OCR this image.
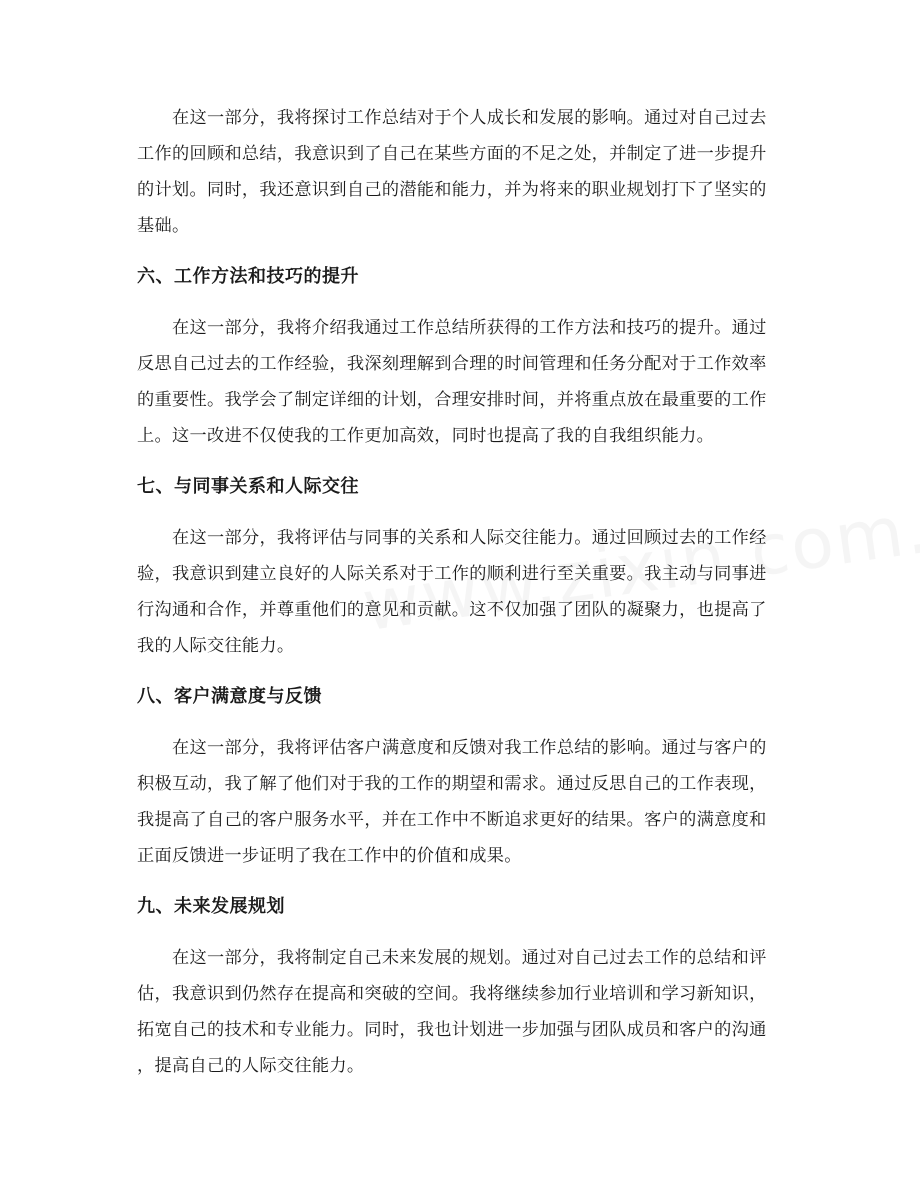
在这一部分，我将探讨工作总结对于个人成长和发展的影响。通过对自己过去
工作的回顾和总结，我意识到了自己在某些方面的不足之处，并制定了进一步提升
的计划。同时，我还意识到自己的潜能和能力，并为将来的职业规划打下了坚实的
基础。

六、工作方法和技巧的提升

在这一部分，我将介绍我通过工作总结所获得的工作方法和技巧的提升。通过
反思自己过去的工作经验，我深刻理解到合理的时间管理和任务分配对于工作效率
的重要性。我学会了制定详细的计划，合理安排时间，并将重点放在最重要的工作
上。这一改进不仅使我的工作更加高效，同时也提高了我的自我组织能力。

七、与同事关系和人际交往

在这一部分，我将评估与同事的关系和人际交往能力。通过回顾过去的工作经
验，我意识到建立良好的人际关系对于工作的顺利进行至关重要。我主动与同事进
行沟通和合作，并尊重他们的意见和贡献。这不仅加强了团队的凝聚力，也提高了
我的人际交往能力。

八、客户满意度与反馈

在这一部分，我将评估客户满意度和反馈对我工作总结的影响。通过与客户的
积极互动，我了解了他们对于我的工作的期望和需求。通过反思自己的工作表现，
我提高了自己的客户服务水平，并在工作中不断追求更好的结果。客户的满意度和
正面反馈进一步证明了我在工作中的价值和成果。

九、未来发展规划

在这一部分，我将制定自己未来发展的规划。通过对自己过去工作的总结和评
估，我意识到仍然存在提高和突破的空间。我将继续参加行业培训和学习新知识，
拓宽自己的技术和专业能力。同时，我也计划进一步加强与团队成员和客户的沟通
，提高自己的人际交往能力。
